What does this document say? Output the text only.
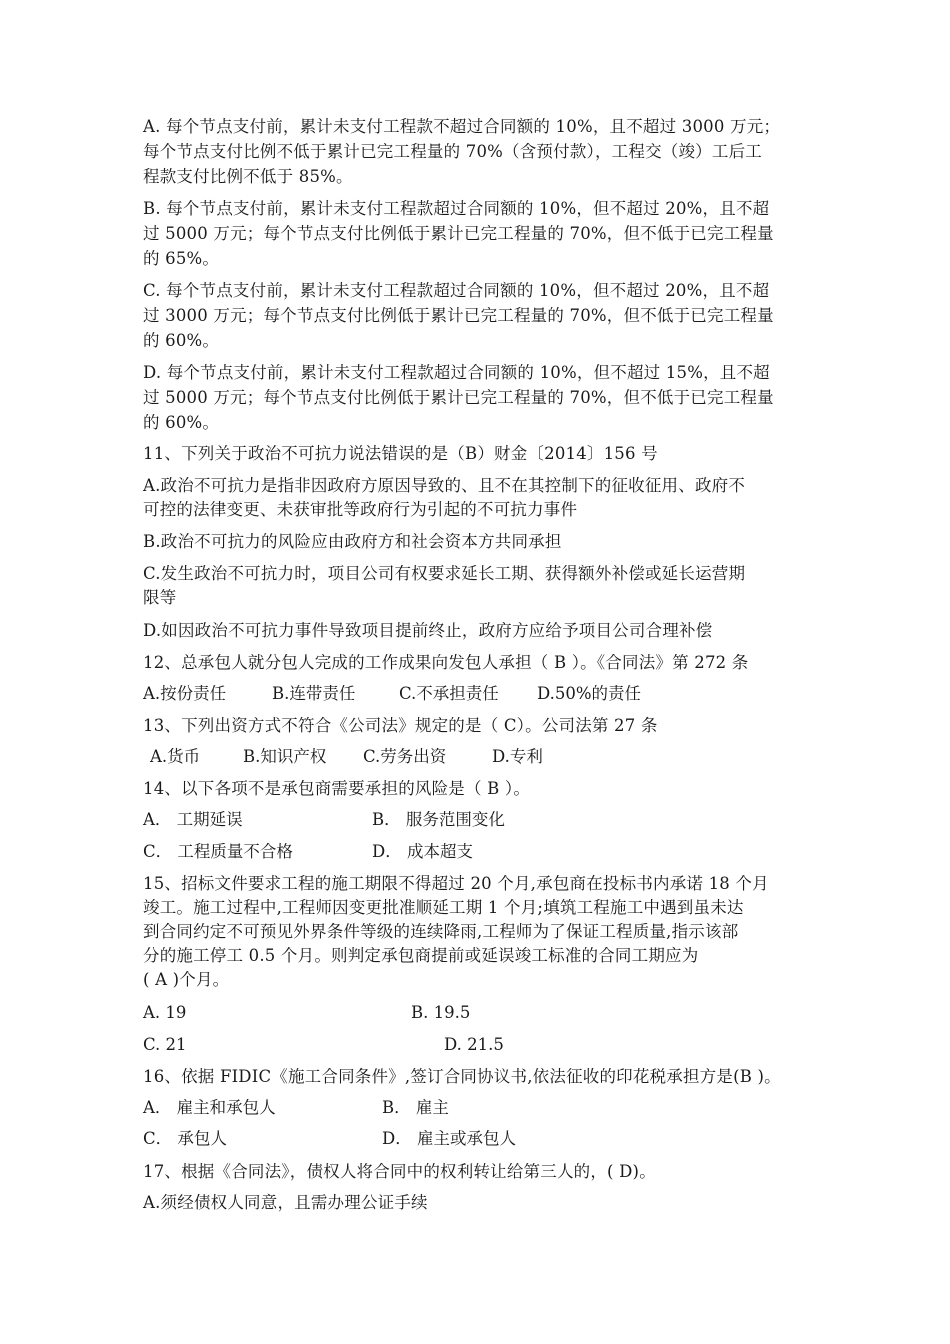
A. 每个节点支付前，累计未支付工程款不超过合同额的 10%，且不超过 3000 万元；
每个节点支付比例不低于累计已完工程量的 70%（含预付款），工程交（竣）工后工
程款支付比例不低于 85%。
B. 每个节点支付前，累计未支付工程款超过合同额的 10%，但不超过 20%，且不超
过 5000 万元；每个节点支付比例低于累计已完工程量的 70%，但不低于已完工程量
的 65%。
C. 每个节点支付前，累计未支付工程款超过合同额的 10%，但不超过 20%，且不超
过 3000 万元；每个节点支付比例低于累计已完工程量的 70%，但不低于已完工程量
的 60%。
D. 每个节点支付前，累计未支付工程款超过合同额的 10%，但不超过 15%，且不超
过 5000 万元；每个节点支付比例低于累计已完工程量的 70%，但不低于已完工程量
的 60%。
11、下列关于政治不可抗力说法错误的是（B）财金〔2014〕156 号
A.政治不可抗力是指非因政府方原因导致的、且不在其控制下的征收征用、政府不
可控的法律变更、未获审批等政府行为引起的不可抗力事件
B.政治不可抗力的风险应由政府方和社会资本方共同承担
C.发生政治不可抗力时，项目公司有权要求延长工期、获得额外补偿或延长运营期
限等
D.如因政治不可抗力事件导致项目提前终止，政府方应给予项目公司合理补偿
12、总承包人就分包人完成的工作成果向发包人承担（ B ）。《合同法》第 272 条
A.按份责任	B.连带责任	C.不承担责任 D.50%的责任
13、下列出资方式不符合《公司法》规定的是（ C）。公司法第 27 条
A.货币	B.知识产权 C.劳务出资	D.专利
14、以下各项不是承包商需要承担的风险是（ B ）。
A． 工期延误	B． 服务范围变化
C． 工程质量不合格	D． 成本超支
15、招标文件要求工程的施工期限不得超过 20 个月,承包商在投标书内承诺 18 个月
竣工。施工过程中,工程师因变更批准顺延工期 1 个月;填筑工程施工中遇到虽未达
到合同约定不可预见外界条件等级的连续降雨,工程师为了保证工程质量,指示该部
分的施工停工 0.5 个月。则判定承包商提前或延误竣工标准的合同工期应为
( A )个月。
A. 19	B. 19.5
C. 21	D. 21.5
16、依据 FIDIC《施工合同条件》,签订合同协议书,依法征收的印花税承担方是(B )。
A． 雇主和承包人	B． 雇主
C． 承包人	D． 雇主或承包人
17、根据《合同法》，债权人将合同中的权利转让给第三人的，( D)。
A.须经债权人同意，且需办理公证手续
